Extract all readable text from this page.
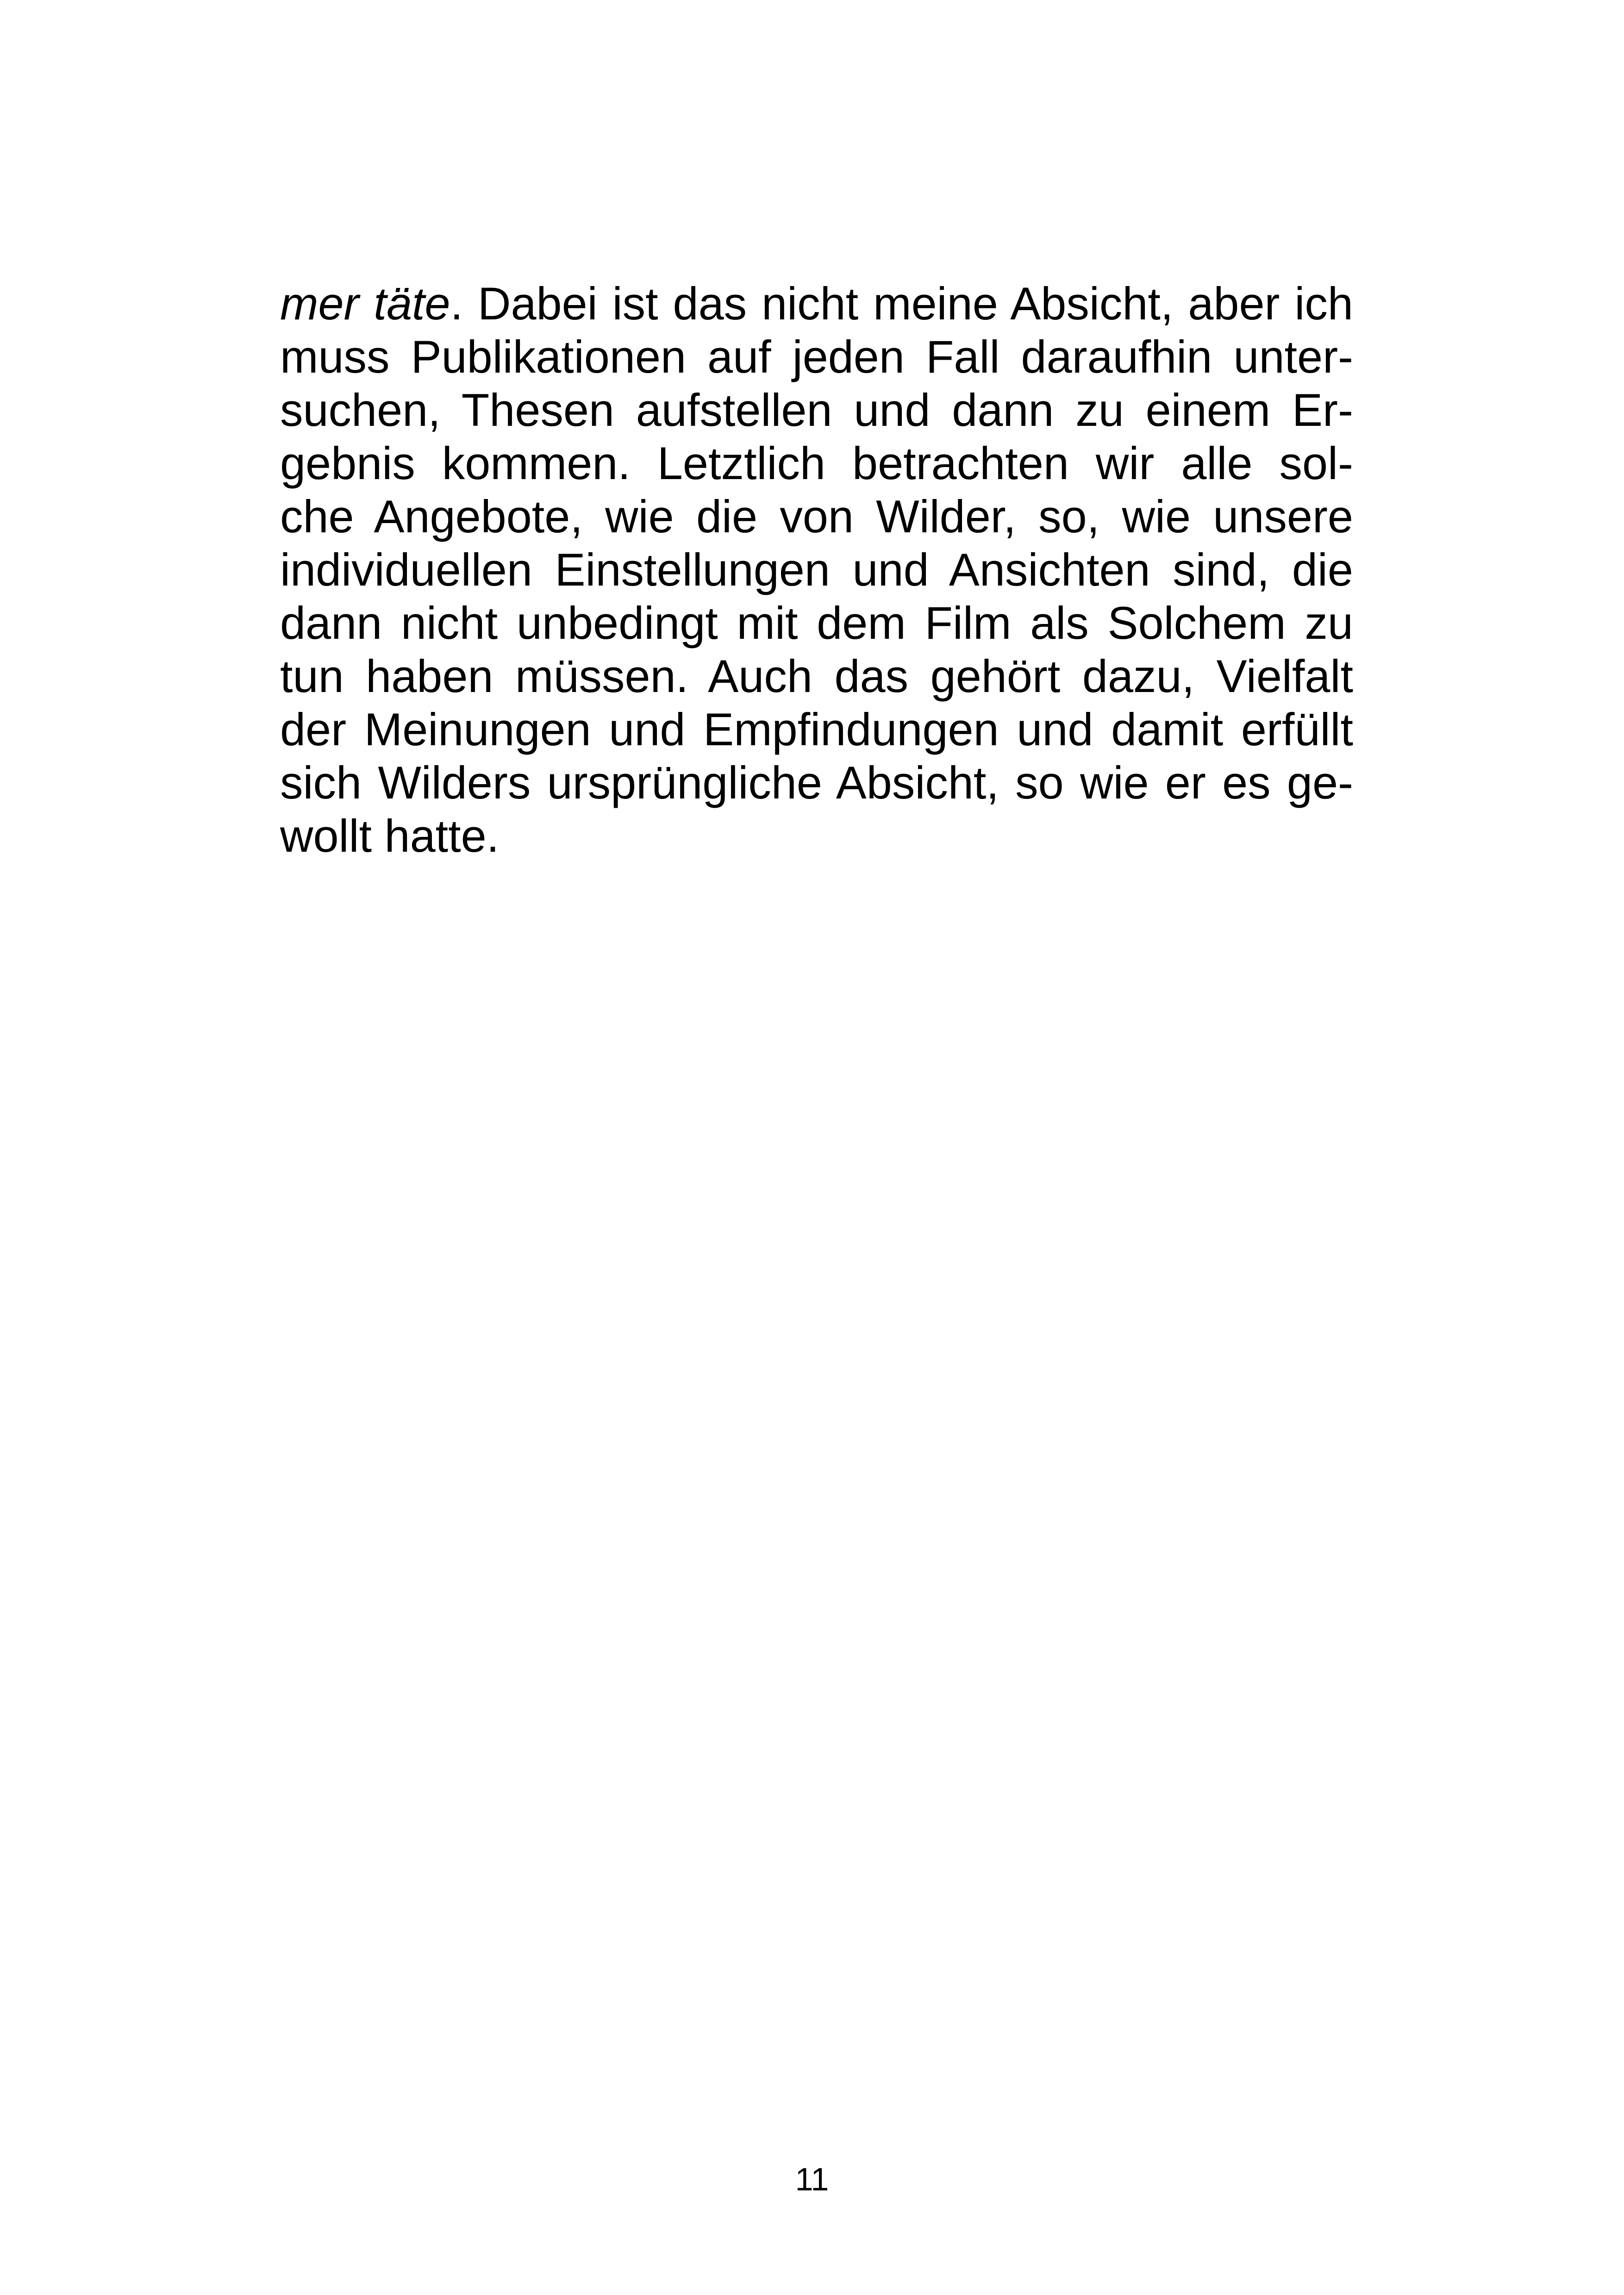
mer täte. Dabei ist das nicht meine Absicht, aber ich
muss Publikationen auf jeden Fall daraufhin unter-
suchen, Thesen aufstellen und dann zu einem Er-
gebnis kommen. Letztlich betrachten wir alle sol-
che Angebote, wie die von Wilder, so, wie unsere
individuellen Einstellungen und Ansichten sind, die
dann nicht unbedingt mit dem Film als Solchem zu
tun haben müssen. Auch das gehört dazu, Vielfalt
der Meinungen und Empfindungen und damit erfüllt
sich Wilders ursprüngliche Absicht, so wie er es ge-
wollt hatte.

11
